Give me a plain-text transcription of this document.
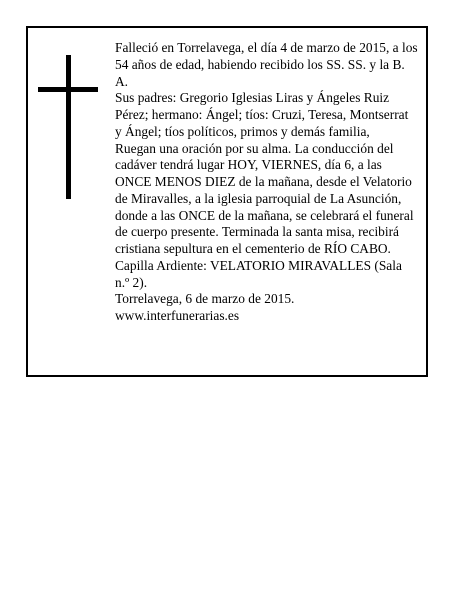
Falleció en Torrelavega, el día 4 de marzo de 2015, a los 54 años de edad, habiendo recibido los SS. SS. y la B. A.

Sus padres: Gregorio Iglesias Liras y Ángeles Ruiz Pérez; hermano: Ángel; tíos: Cruzi, Teresa, Montserrat y Ángel; tíos políticos, primos y demás familia,

Ruegan una oración por su alma. La conducción del cadáver tendrá lugar HOY, VIERNES, día 6, a las ONCE MENOS DIEZ de la mañana, desde el Velatorio de Miravalles, a la iglesia parroquial de La Asunción, donde a las ONCE de la mañana, se celebrará el funeral de cuerpo presente. Terminada la santa misa, recibirá cristiana sepultura en el cementerio de RÍO CABO.

Capilla Ardiente: VELATORIO MIRAVALLES (Sala n.º 2).

Torrelavega, 6 de marzo de 2015.

www.interfunerarias.es
